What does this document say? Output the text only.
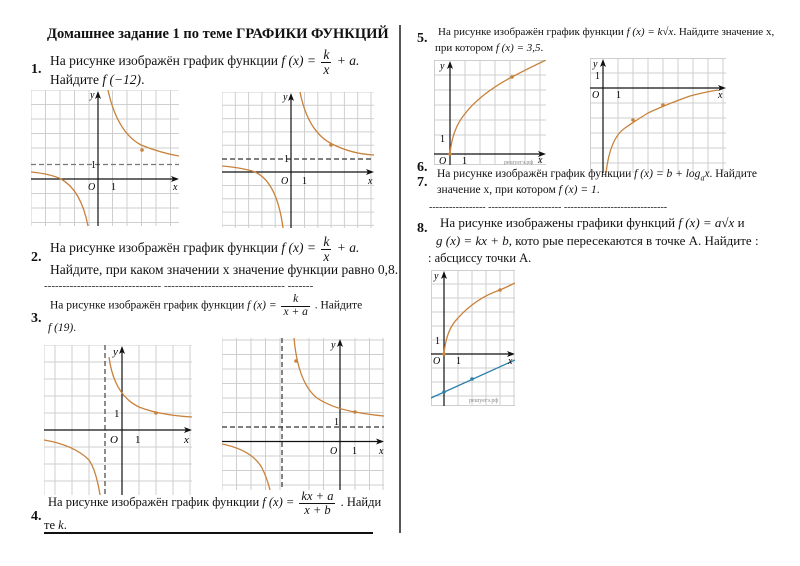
Домашнее задание 1 по теме ГРАФИКИ ФУНКЦИЙ
1.
На рисунке изображён график функции f $(x) = \frac{k}{x} + a$.
Найдите f (−12).
y
x
O 1
1
y
x
O 1
1
2.
На рисунке изображён график функции f $(x) = \frac{k}{x} + a$.
Найдите, при каком значении x значение функции равно 0,8.
-------------------------------- --------------------------------- -------
3.
На рисунке изображён график функции f $(x) = \frac{k}{x + a}$ . Найдите
f (19).
y
x
O 1
1
y
x
O 1
1
4.
На рисунке изображён график функции f $(x) = \frac{kx + a}{x + b}$ . Найди
те k.
5. На рисунке изображён график функции f (x) = k√x. Найдите значение x,
при котором f (x) = 3,5.
y
x
O 1
1
решуегэ.рф
y
x
O 1
1
6.
7.
На рисунке изображён график функции f $(x) = b + \log_ax$. Найдите
значение x, при котором f (x) = 1.
----------------- ---------------------- -------------------------------
8. На рисунке изображены графики функций f (x) = a√x и
g (x) = kx + b, кото рые пересекаются в точке A. Найдите :
: абсциссу точки A.
y
x
O 1
1
решуегэ.рф
